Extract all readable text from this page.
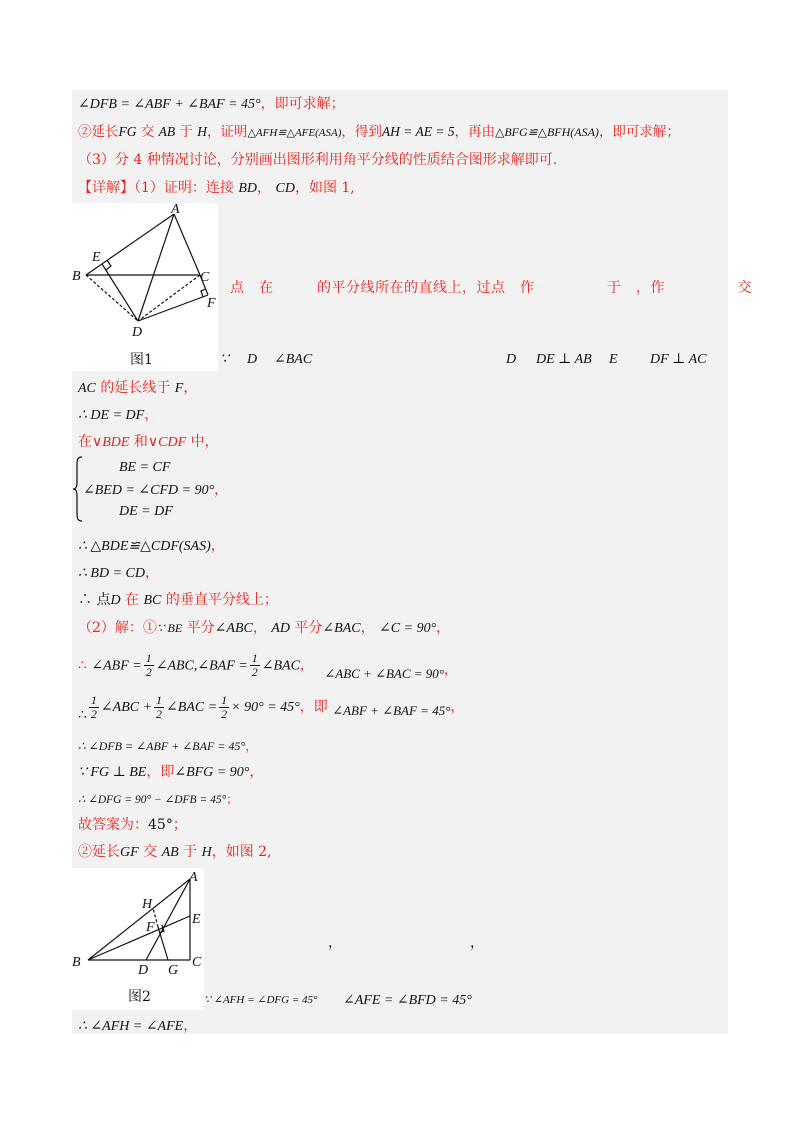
∠DFB = ∠ABF + ∠BAF = 45°，即可求解；
②延长FG 交 AB 于 H，证明△AFH≌△AFE(ASA)，得到AH = AE = 5，再由△BFG≌△BFH(ASA)，即可求解；
（3）分 4 种情况讨论，分别画出图形利用角平分线的性质结合图形求解即可.
【详解】（1）证明：连接 BD， CD，如图 1,
A
B	C
D
E
F
图1
点　在　　　的平分线所在的直线上，过点　作　　　　　于　，作　　　　　交
∵ D ∠BAC	D DE ⊥ AB E DF ⊥ AC
AC 的延长线于 F，
∴ DE = DF，
在∨BDE 和∨CDF 中，
BE = CF
∠BED = ∠CFD = 90°，
DE = DF
∴ △BDE≌△CDF(SAS)，
∴ BD = CD，
∴ 点D 在 BC 的垂直平分线上；
（2）解：①∵ BE 平分∠ABC， AD 平分∠BAC， ∠C = 90°，
∴ ∠ABF = $\frac{1}{2}$ ∠ABC,∠BAF = $\frac{1}{2}$ ∠BAC， ∠ABC + ∠BAC = 90°，
∴ $\frac{1}{2}$ ∠ABC + $\frac{1}{2}$ ∠BAC = $\frac{1}{2} \times 90^\circ = 45^\circ$，即 ∠ABF + ∠BAF = 45°，
∴ ∠DFB = ∠ABF + ∠BAF = 45°，
∵ FG ⊥ BE，即∠BFG = 90°，
∴ ∠DFG = 90° − ∠DFB = 45°；
故答案为：45°；
②延长GF 交 AB 于 H，如图 2,
A
B	C
D
E
F
G
H
图2
，	，
∵ ∠AFH = ∠DFG = 45° ∠AFE = ∠BFD = 45°
∴ ∠AFH = ∠AFE，
